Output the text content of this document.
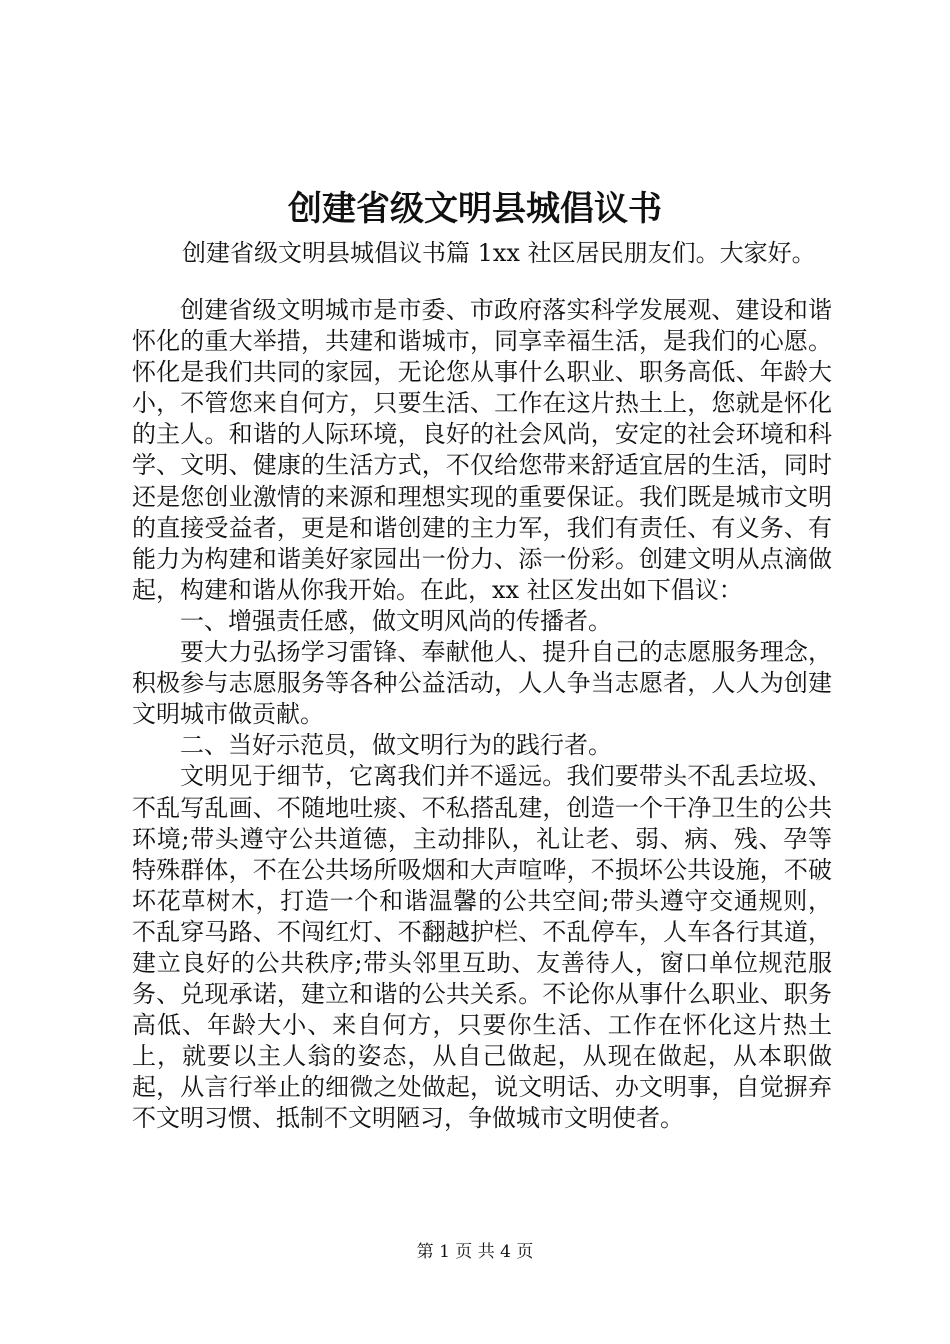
创建省级文明县城倡议书
创建省级文明县城倡议书篇 1xx 社区居民朋友们。大家好。

创建省级文明城市是市委、市政府落实科学发展观、建设和谐怀化的重大举措，共建和谐城市，同享幸福生活，是我们的心愿。怀化是我们共同的家园，无论您从事什么职业、职务高低、年龄大小，不管您来自何方，只要生活、工作在这片热土上，您就是怀化的主人。和谐的人际环境，良好的社会风尚，安定的社会环境和科学、文明、健康的生活方式，不仅给您带来舒适宜居的生活，同时还是您创业激情的来源和理想实现的重要保证。我们既是城市文明的直接受益者，更是和谐创建的主力军，我们有责任、有义务、有能力为构建和谐美好家园出一份力、添一份彩。创建文明从点滴做起，构建和谐从你我开始。在此，xx 社区发出如下倡议：

一、增强责任感，做文明风尚的传播者。

要大力弘扬学习雷锋、奉献他人、提升自己的志愿服务理念，积极参与志愿服务等各种公益活动，人人争当志愿者，人人为创建文明城市做贡献。

二、当好示范员，做文明行为的践行者。

文明见于细节，它离我们并不遥远。我们要带头不乱丢垃圾、不乱写乱画、不随地吐痰、不私搭乱建，创造一个干净卫生的公共环境;带头遵守公共道德，主动排队，礼让老、弱、病、残、孕等特殊群体，不在公共场所吸烟和大声喧哗，不损坏公共设施，不破坏花草树木，打造一个和谐温馨的公共空间;带头遵守交通规则，不乱穿马路、不闯红灯、不翻越护栏、不乱停车，人车各行其道，建立良好的公共秩序;带头邻里互助、友善待人，窗口单位规范服务、兑现承诺，建立和谐的公共关系。不论你从事什么职业、职务高低、年龄大小、来自何方，只要你生活、工作在怀化这片热土上，就要以主人翁的姿态，从自己做起，从现在做起，从本职做起，从言行举止的细微之处做起，说文明话、办文明事，自觉摒弃不文明习惯、抵制不文明陋习，争做城市文明使者。

第 1 页 共 4 页
